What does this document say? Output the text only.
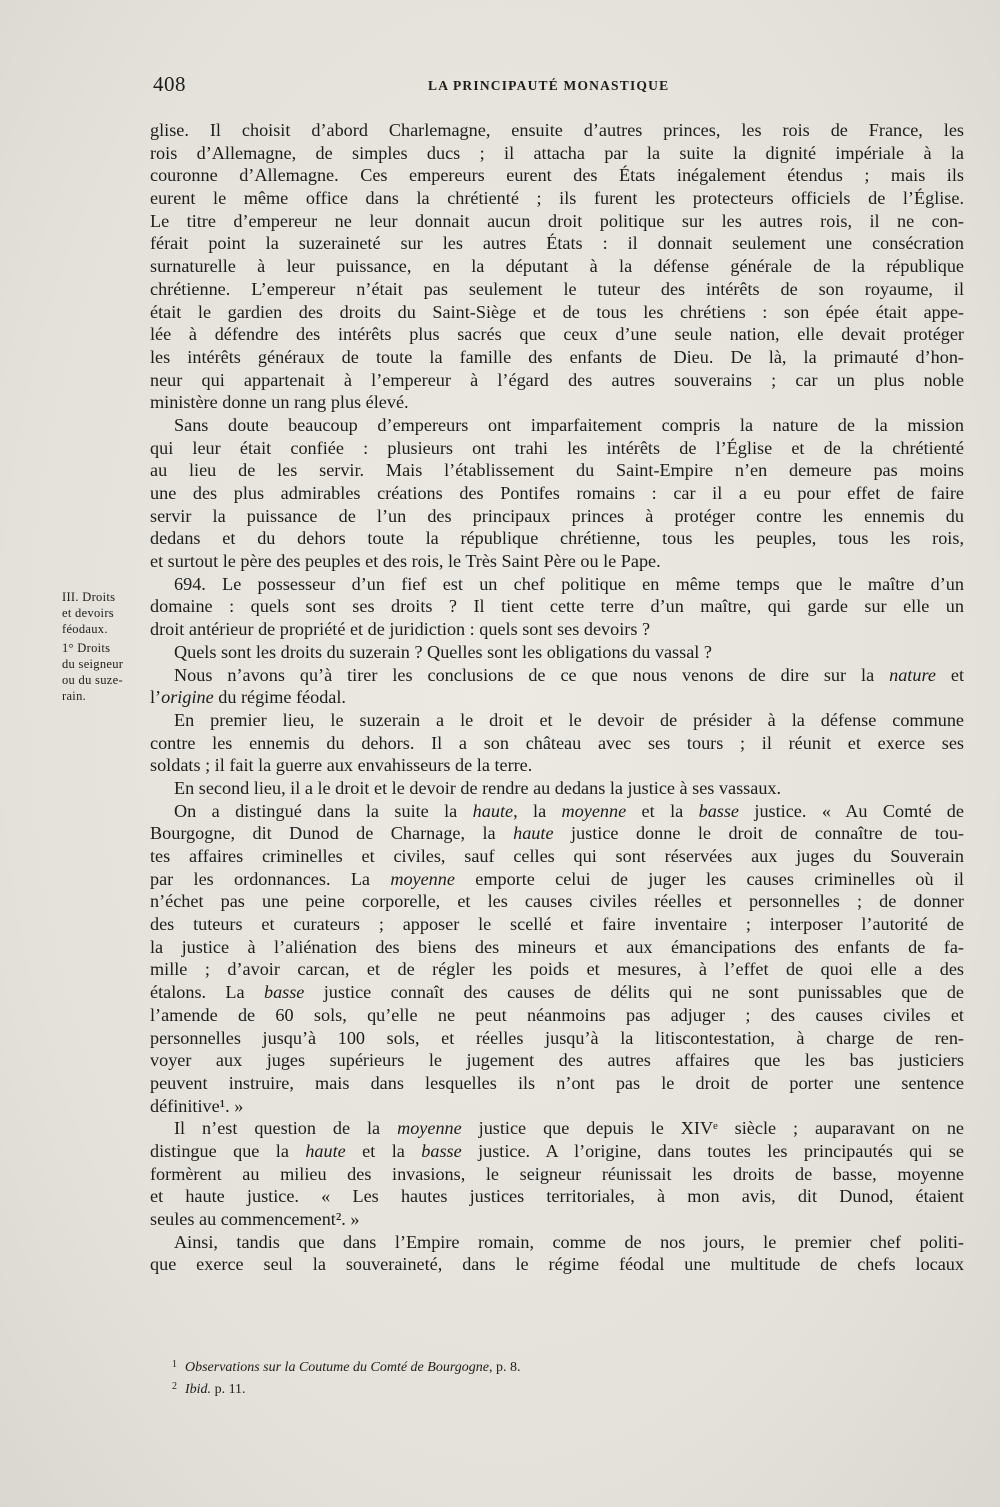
408	LA PRINCIPAUTÉ MONASTIQUE
III. Droits
et devoirs
féodaux.
1° Droits
du seigneur
ou du suze-
rain.
glise. Il choisit d’abord Charlemagne, ensuite d’autres princes, les rois de France, les
rois d’Allemagne, de simples ducs ; il attacha par la suite la dignité impériale à la
couronne d’Allemagne. Ces empereurs eurent des États inégalement étendus ; mais ils
eurent le même office dans la chrétienté ; ils furent les protecteurs officiels de l’Église.
Le titre d’empereur ne leur donnait aucun droit politique sur les autres rois, il ne con-
férait point la suzeraineté sur les autres États : il donnait seulement une consécration
surnaturelle à leur puissance, en la députant à la défense générale de la république
chrétienne. L’empereur n’était pas seulement le tuteur des intérêts de son royaume, il
était le gardien des droits du Saint-Siège et de tous les chrétiens : son épée était appe-
lée à défendre des intérêts plus sacrés que ceux d’une seule nation, elle devait protéger
les intérêts généraux de toute la famille des enfants de Dieu. De là, la primauté d’hon-
neur qui appartenait à l’empereur à l’égard des autres souverains ; car un plus noble
ministère donne un rang plus élevé.
Sans doute beaucoup d’empereurs ont imparfaitement compris la nature de la mission
qui leur était confiée : plusieurs ont trahi les intérêts de l’Église et de la chrétienté
au lieu de les servir. Mais l’établissement du Saint-Empire n’en demeure pas moins
une des plus admirables créations des Pontifes romains : car il a eu pour effet de faire
servir la puissance de l’un des principaux princes à protéger contre les ennemis du
dedans et du dehors toute la république chrétienne, tous les peuples, tous les rois,
et surtout le père des peuples et des rois, le Très Saint Père ou le Pape.
694. Le possesseur d’un fief est un chef politique en même temps que le maître d’un
domaine : quels sont ses droits ? Il tient cette terre d’un maître, qui garde sur elle un
droit antérieur de propriété et de juridiction : quels sont ses devoirs ?
Quels sont les droits du suzerain ? Quelles sont les obligations du vassal ?
Nous n’avons qu’à tirer les conclusions de ce que nous venons de dire sur la nature et
l’origine du régime féodal.
En premier lieu, le suzerain a le droit et le devoir de présider à la défense commune
contre les ennemis du dehors. Il a son château avec ses tours ; il réunit et exerce ses
soldats ; il fait la guerre aux envahisseurs de la terre.
En second lieu, il a le droit et le devoir de rendre au dedans la justice à ses vassaux.
On a distingué dans la suite la haute, la moyenne et la basse justice. « Au Comté de
Bourgogne, dit Dunod de Charnage, la haute justice donne le droit de connaître de tou-
tes affaires criminelles et civiles, sauf celles qui sont réservées aux juges du Souverain
par les ordonnances. La moyenne emporte celui de juger les causes criminelles où il
n’échet pas une peine corporelle, et les causes civiles réelles et personnelles ; de donner
des tuteurs et curateurs ; apposer le scellé et faire inventaire ; interposer l’autorité de
la justice à l’aliénation des biens des mineurs et aux émancipations des enfants de fa-
mille ; d’avoir carcan, et de régler les poids et mesures, à l’effet de quoi elle a des
étalons. La basse justice connaît des causes de délits qui ne sont punissables que de
l’amende de 60 sols, qu’elle ne peut néanmoins pas adjuger ; des causes civiles et
personnelles jusqu’à 100 sols, et réelles jusqu’à la litiscontestation, à charge de ren-
voyer aux juges supérieurs le jugement des autres affaires que les bas justiciers
peuvent instruire, mais dans lesquelles ils n’ont pas le droit de porter une sentence
définitive¹. »
Il n’est question de la moyenne justice que depuis le XIVᵉ siècle ; auparavant on ne
distingue que la haute et la basse justice. A l’origine, dans toutes les principautés qui se
formèrent au milieu des invasions, le seigneur réunissait les droits de basse, moyenne
et haute justice. « Les hautes justices territoriales, à mon avis, dit Dunod, étaient
seules au commencement². »
Ainsi, tandis que dans l’Empire romain, comme de nos jours, le premier chef politi-
que exerce seul la souveraineté, dans le régime féodal une multitude de chefs locaux
$^1$ Observations sur la Coutume du Comté de Bourgogne, p. 8.
$^2$ Ibid. p. 11.
